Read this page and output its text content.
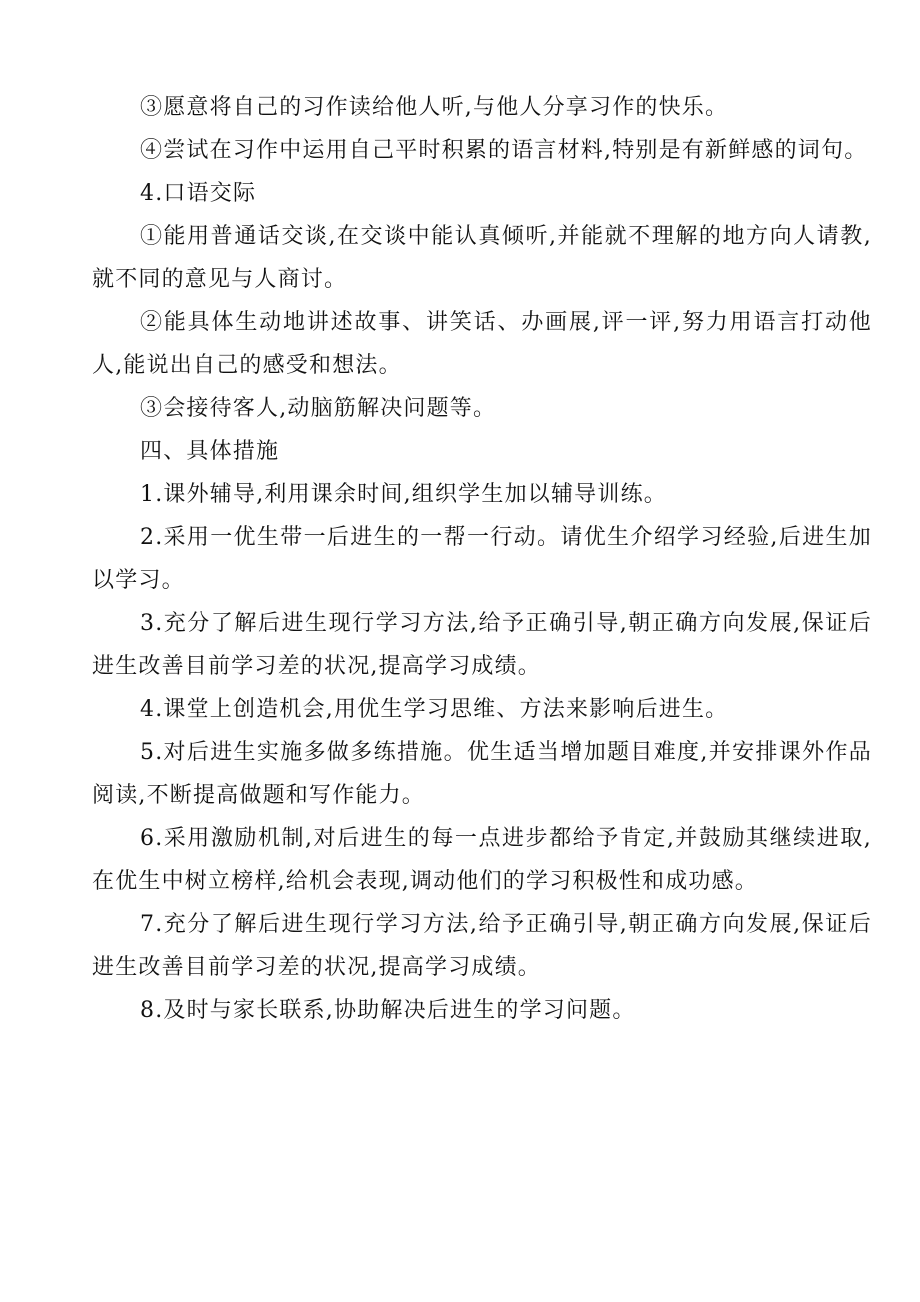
③愿意将自己的习作读给他人听,与他人分享习作的快乐。

④尝试在习作中运用自己平时积累的语言材料,特别是有新鲜感的词句。

4.口语交际

①能用普通话交谈,在交谈中能认真倾听,并能就不理解的地方向人请教,就不同的意见与人商讨。

②能具体生动地讲述故事、讲笑话、办画展,评一评,努力用语言打动他人,能说出自己的感受和想法。

③会接待客人,动脑筋解决问题等。

四、具体措施

1.课外辅导,利用课余时间,组织学生加以辅导训练。

2.采用一优生带一后进生的一帮一行动。请优生介绍学习经验,后进生加以学习。

3.充分了解后进生现行学习方法,给予正确引导,朝正确方向发展,保证后进生改善目前学习差的状况,提高学习成绩。

4.课堂上创造机会,用优生学习思维、方法来影响后进生。

5.对后进生实施多做多练措施。优生适当增加题目难度,并安排课外作品阅读,不断提高做题和写作能力。

6.采用激励机制,对后进生的每一点进步都给予肯定,并鼓励其继续进取,在优生中树立榜样,给机会表现,调动他们的学习积极性和成功感。

7.充分了解后进生现行学习方法,给予正确引导,朝正确方向发展,保证后进生改善目前学习差的状况,提高学习成绩。

8.及时与家长联系,协助解决后进生的学习问题。
